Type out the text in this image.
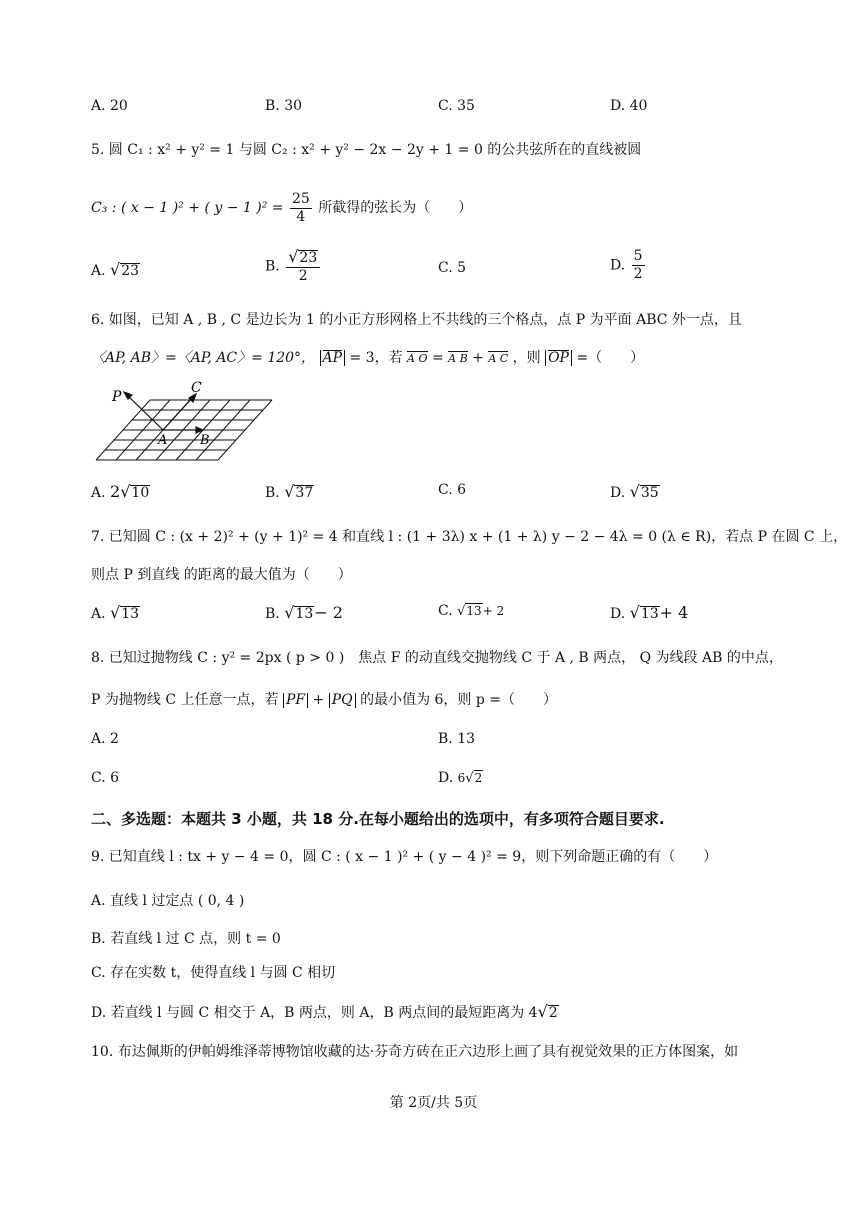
A. 20	B. 30	C. 35	D. 40
5. 圆 C₁ : x² + y² = 1 与圆 C₂ : x² + y² − 2x − 2y + 1 = 0 的公共弦所在的直线被圆
C₃ : ( x − 1 )² + ( y − 1 )$^2 = \frac{25}{4}$ 所截得的弦长为（　　）
A. √23	B. $\frac{√23}{2}$	C. 5	D. $\frac{5}{2}$
6. 如图，已知 A , B , C 是边长为 1 的小正方形网格上不共线的三个格点，点 P 为平面 ABC 外一点，且
〈AP, AB〉=〈AP, AC〉= 120°， AP = 3，若 A O = A B + A C ，则 OP =（　　）
P
C
A	B
A. 2√10	B. √37	C. 6	D. √35
7. 已知圆 C : (x + 2)² + (y + 1)² = 4 和直线 l : (1 + 3λ) x + (1 + λ) y − 2 − 4λ = 0 (λ ∈ R)，若点 P 在圆 C 上，
则点 P 到直线 的距离的最大值为（　　）
A. √13	B. √13− 2	C. √13+ 2	D. √13+ 4
8. 已知过抛物线 C : y² = 2px ( p > 0 )　焦点 F 的动直线交抛物线 C 于 A , B 两点， Q 为线段 AB 的中点，
P 为抛物线 C 上任意一点，若 PF + PQ 的最小值为 6，则 p =（　　）
A. 2	B. 13
C. 6	D. 6√2
二、多选题：本题共 3 小题，共 18 分.在每小题给出的选项中，有多项符合题目要求.
9. 已知直线 l : tx + y − 4 = 0，圆 C : ( x − 1 )² + ( y − 4 )² = 9，则下列命题正确的有（　　）
A. 直线 l 过定点 ( 0, 4 )
B. 若直线 l 过 C 点，则 t = 0
C. 存在实数 t，使得直线 l 与圆 C 相切
D. 若直线 l 与圆 C 相交于 A，B 两点，则 A，B 两点间的最短距离为 4√2
10. 布达佩斯的伊帕姆维泽蒂博物馆收藏的达·芬奇方砖在正六边形上画了具有视觉效果的正方体图案，如
第 2页/共 5页
